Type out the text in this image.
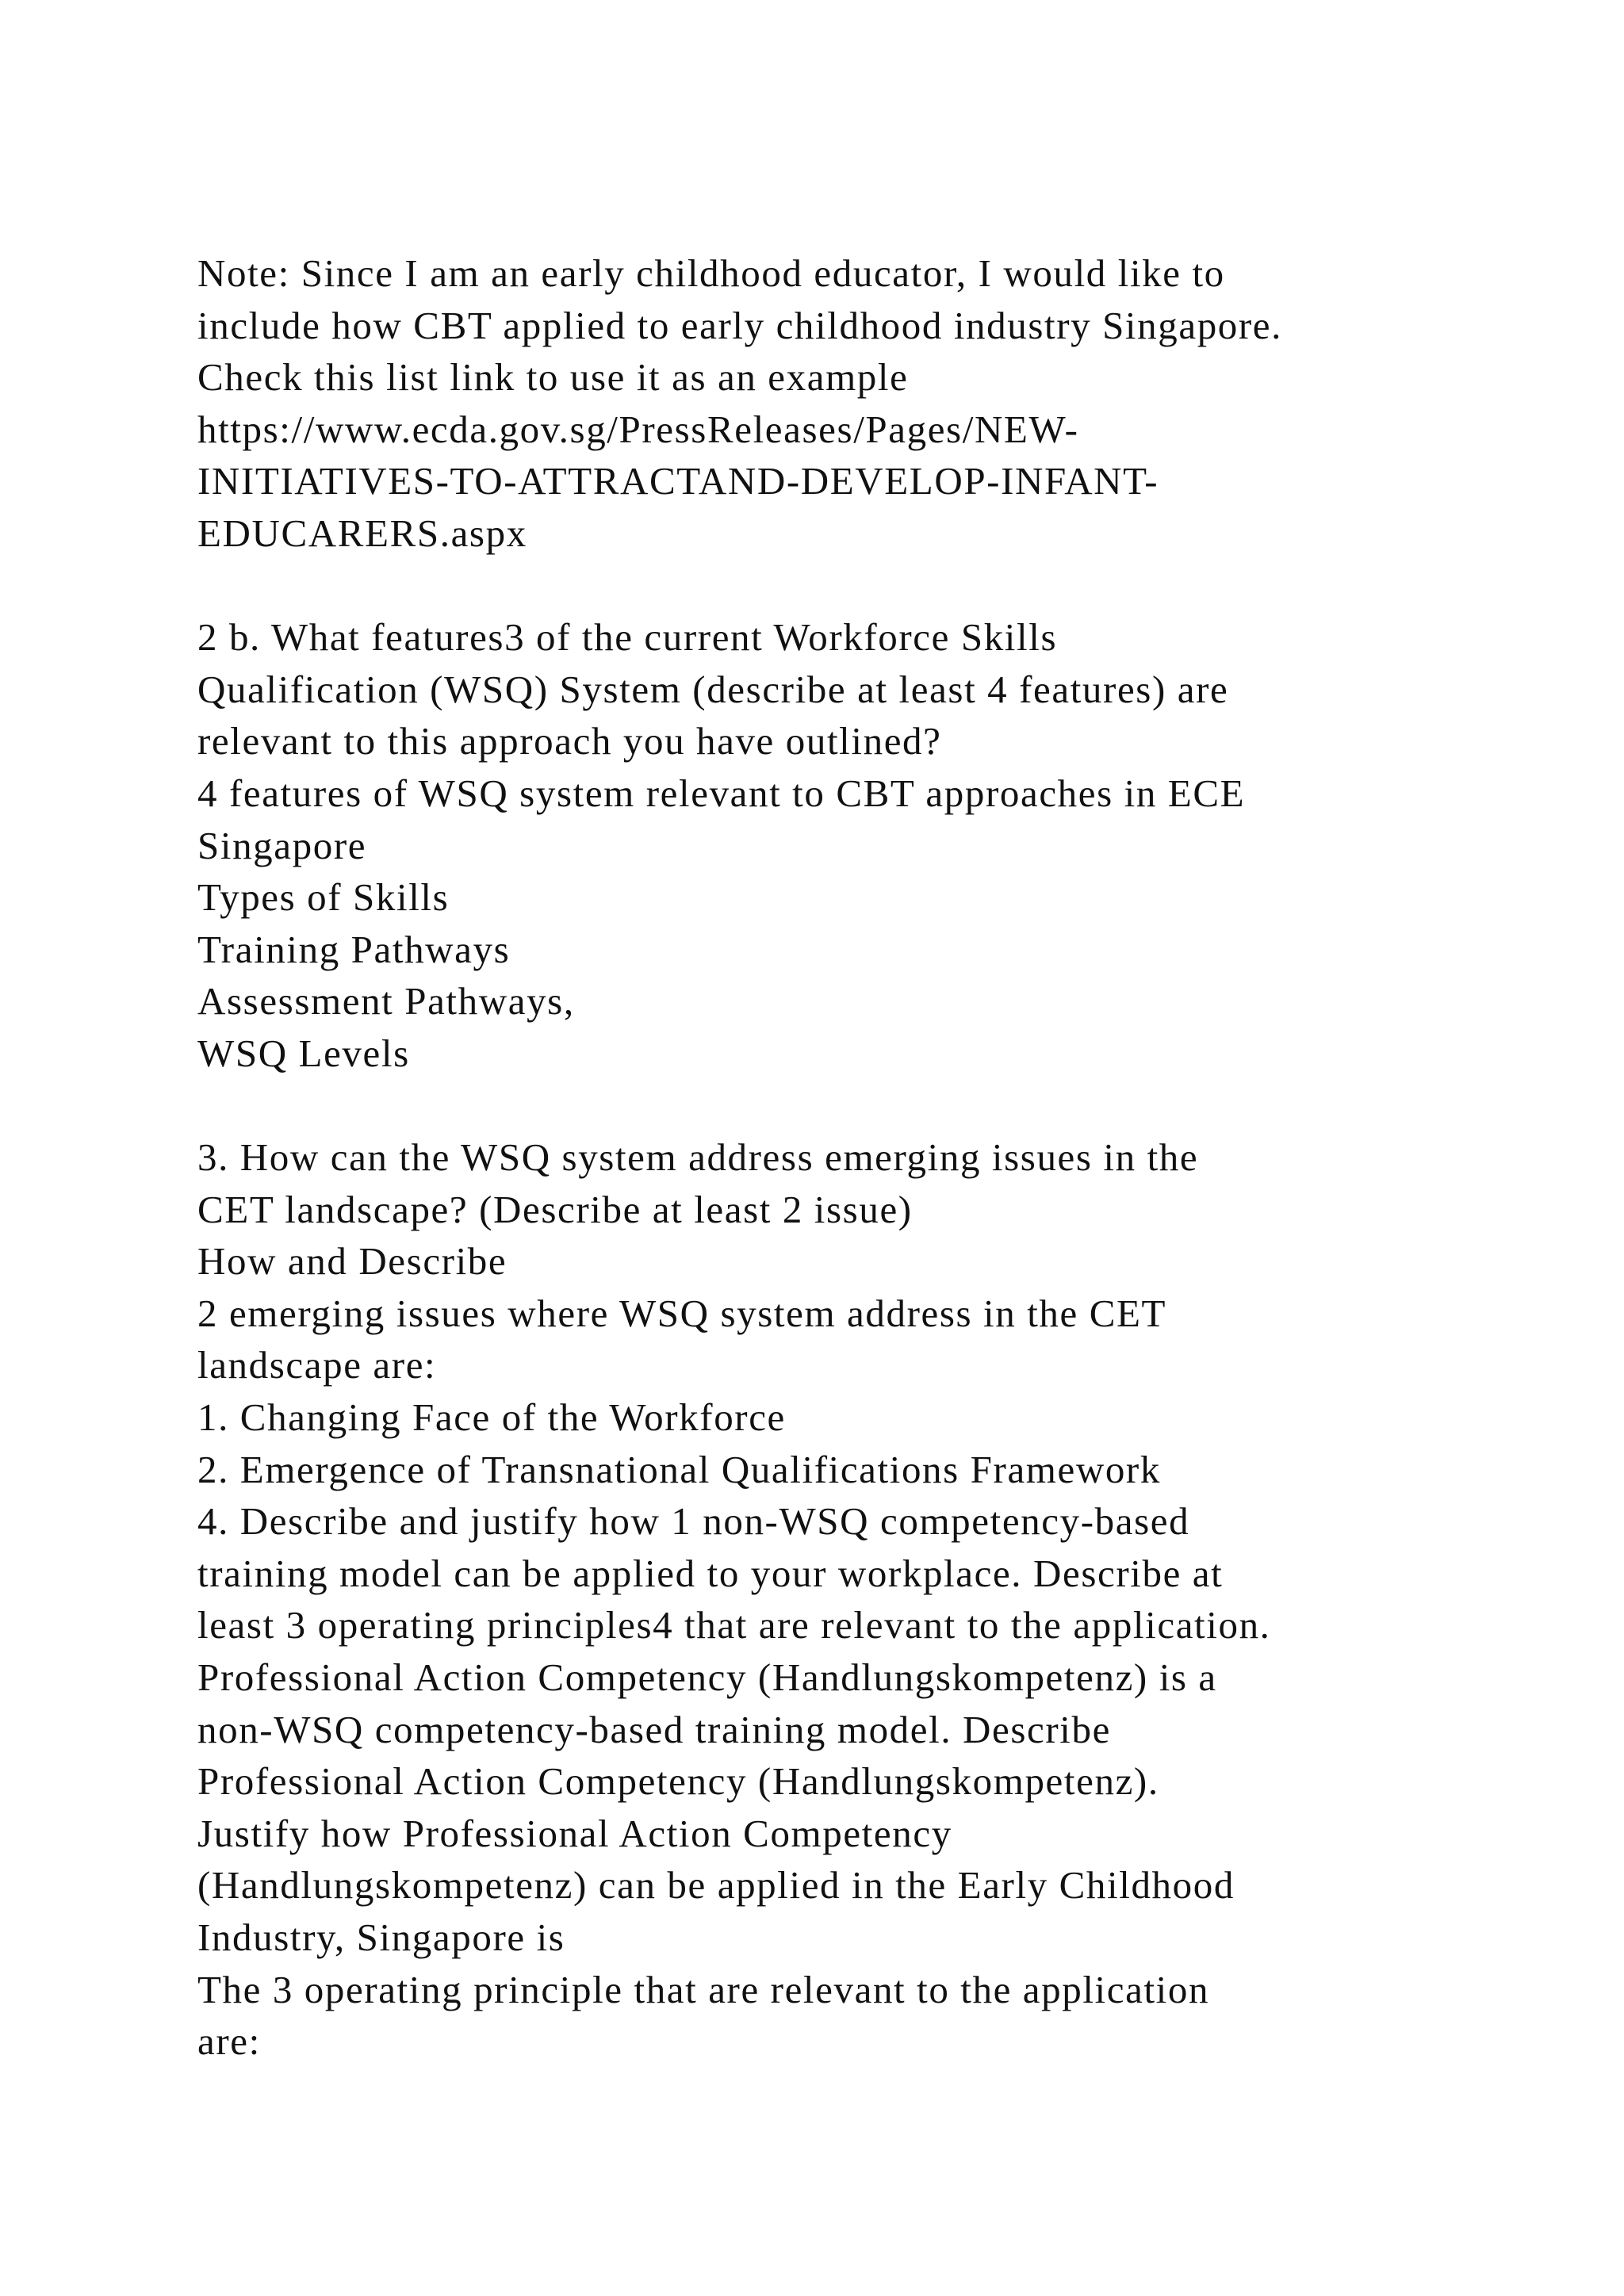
Note: Since I am an early childhood educator, I would like to
include how CBT applied to early childhood industry Singapore.
Check this list link to use it as an example
https://www.ecda.gov.sg/PressReleases/Pages/NEW-
INITIATIVES-TO-ATTRACTAND-DEVELOP-INFANT-
EDUCARERS.aspx
2 b. What features3 of the current Workforce Skills
Qualification (WSQ) System (describe at least 4 features) are
relevant to this approach you have outlined?
4 features of WSQ system relevant to CBT approaches in ECE
Singapore
Types of Skills
Training Pathways
Assessment Pathways,
WSQ Levels
3. How can the WSQ system address emerging issues in the
CET landscape? (Describe at least 2 issue)
How and Describe
2 emerging issues where WSQ system address in the CET
landscape are:
1. Changing Face of the Workforce
2. Emergence of Transnational Qualifications Framework
4. Describe and justify how 1 non-WSQ competency-based
training model can be applied to your workplace. Describe at
least 3 operating principles4 that are relevant to the application.
Professional Action Competency (Handlungskompetenz) is a
non-WSQ competency-based training model. Describe
Professional Action Competency (Handlungskompetenz).
Justify how Professional Action Competency
(Handlungskompetenz) can be applied in the Early Childhood
Industry, Singapore is
The 3 operating principle that are relevant to the application
are:
